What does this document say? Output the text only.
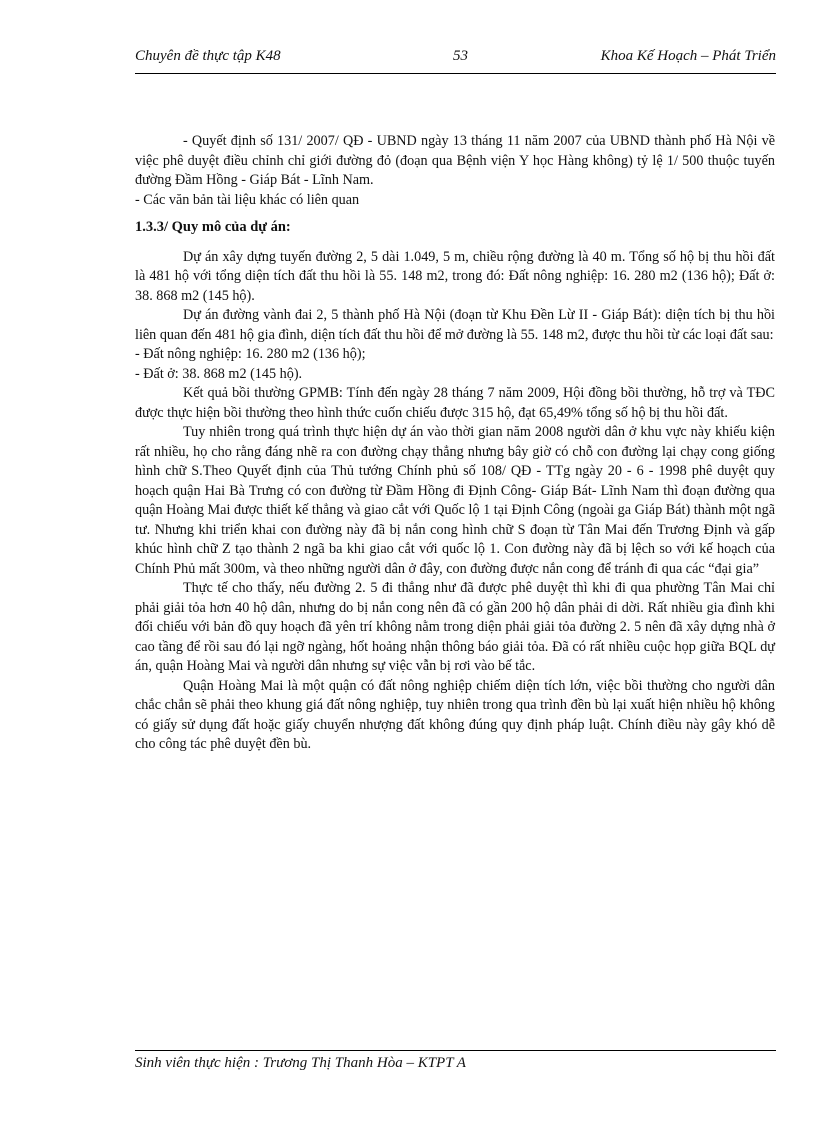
Chuyên đề thực tập K48	53	Khoa Kế Hoạch – Phát Triển

- Quyết định số 131/ 2007/ QĐ - UBND ngày 13 tháng 11 năm 2007 của UBND thành phố Hà Nội về việc phê duyệt điều chỉnh chỉ giới đường đỏ (đoạn qua Bệnh viện Y học Hàng không) tỷ lệ 1/ 500 thuộc tuyến đường Đầm Hồng - Giáp Bát - Lĩnh Nam.

- Các văn bản tài liệu khác có liên quan

1.3.3/ Quy mô của dự án:

Dự án xây dựng tuyến đường 2, 5 dài 1.049, 5 m, chiều rộng đường là 40 m. Tổng số hộ bị thu hồi đất là 481 hộ với tổng diện tích đất thu hồi là 55. 148 m2, trong đó: Đất nông nghiệp: 16. 280 m2 (136 hộ); Đất ở: 38. 868 m2 (145 hộ).

Dự án đường vành đai 2, 5 thành phố Hà Nội (đoạn từ Khu Đền Lừ II - Giáp Bát): diện tích bị thu hồi liên quan đến 481 hộ gia đình, diện tích đất thu hồi để mở đường là 55. 148 m2, được thu hồi từ các loại đất sau:

- Đất nông nghiệp: 16. 280 m2 (136 hộ);

- Đất ở: 38. 868 m2 (145 hộ).

Kết quả bồi thường GPMB: Tính đến ngày 28 tháng 7 năm 2009, Hội đồng bồi thường, hỗ trợ và TĐC được thực hiện bồi thường theo hình thức cuốn chiếu được 315 hộ, đạt 65,49% tổng số hộ bị thu hồi đất.

Tuy nhiên trong quá trình thực hiện dự án vào thời gian năm 2008 người dân ở khu vực này khiếu kiện rất nhiều, họ cho rằng đáng nhẽ ra con đường chạy thẳng nhưng bây giờ có chỗ con đường lại chạy cong giống hình chữ S.Theo Quyết định của Thủ tướng Chính phủ số 108/ QĐ - TTg ngày 20 - 6 - 1998 phê duyệt quy hoạch quận Hai Bà Trưng có con đường từ Đầm Hồng đi Định Công- Giáp Bát- Lĩnh Nam thì đoạn đường qua quận Hoàng Mai được thiết kế thẳng và giao cắt với Quốc lộ 1 tại Định Công (ngoài ga Giáp Bát) thành một ngã tư. Nhưng khi triển khai con đường này đã bị nắn cong hình chữ S đoạn từ Tân Mai đến Trương Định và gấp khúc hình chữ Z tạo thành 2 ngã ba khi giao cắt với quốc lộ 1. Con đường này đã bị lệch so với kế hoạch của Chính Phủ mất 300m, và theo những người dân ở đây, con đường được nắn cong để tránh đi qua các “đại gia”

Thực tế cho thấy, nếu đường 2. 5 đi thẳng như đã được phê duyệt thì khi đi qua phường Tân Mai chỉ phải giải tỏa hơn 40 hộ dân, nhưng do bị nắn cong nên đã có gần 200 hộ dân phải di dời. Rất nhiều gia đình khi đối chiếu với bản đồ quy hoạch đã yên trí không nằm trong diện phải giải tỏa đường 2. 5 nên đã xây dựng nhà ở cao tầng để rồi sau đó lại ngỡ ngàng, hốt hoảng nhận thông báo giải tỏa. Đã có rất nhiều cuộc họp giữa BQL dự án, quận Hoàng Mai và người dân nhưng sự việc vẫn bị rơi vào bế tắc.

Quận Hoàng Mai là một quận có đất nông nghiệp chiếm diện tích lớn, việc bồi thường cho người dân chắc chắn sẽ phải theo khung giá đất nông nghiệp, tuy nhiên trong qua trình đền bù lại xuất hiện nhiều hộ không có giấy sử dụng đất hoặc giấy chuyển nhượng đất không đúng quy định pháp luật. Chính điều này gây khó dễ cho công tác phê duyệt đền bù.

Sinh viên thực hiện : Trương Thị Thanh Hòa – KTPT A
